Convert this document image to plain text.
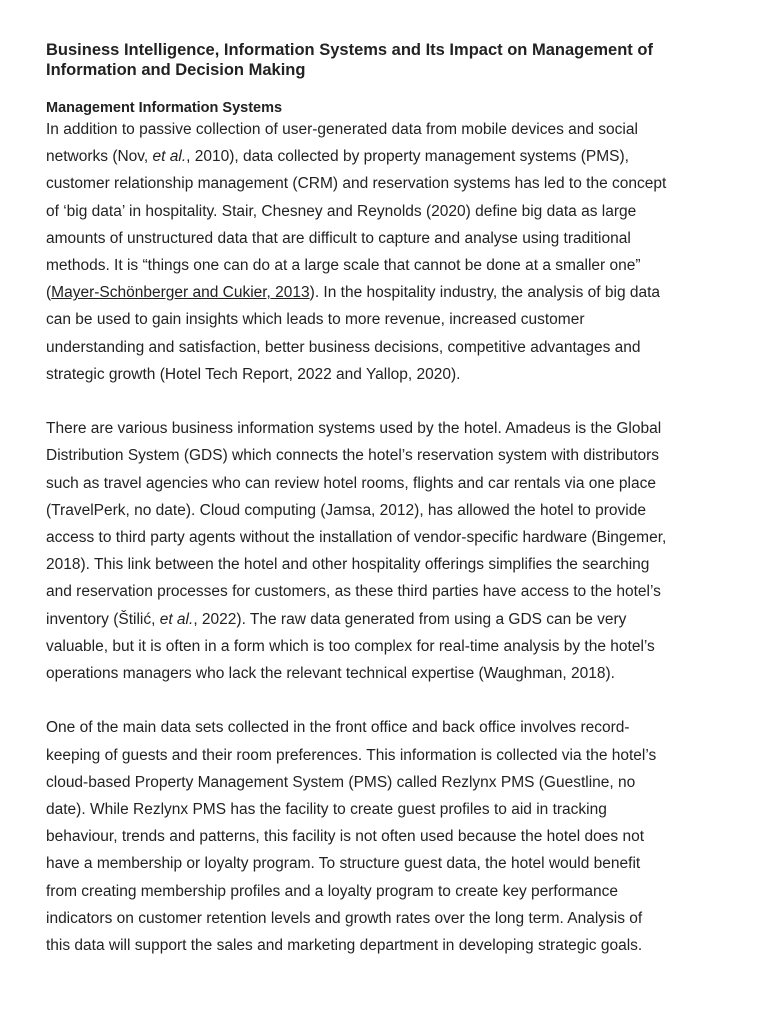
Business Intelligence, Information Systems and Its Impact on Management of
Information and Decision Making
Management Information Systems
In addition to passive collection of user-generated data from mobile devices and social
networks (Nov, et al., 2010), data collected by property management systems (PMS),
customer relationship management (CRM) and reservation systems has led to the concept
of ‘big data’ in hospitality. Stair, Chesney and Reynolds (2020) define big data as large
amounts of unstructured data that are difficult to capture and analyse using traditional
methods. It is “things one can do at a large scale that cannot be done at a smaller one”
(Mayer-Schönberger and Cukier, 2013). In the hospitality industry, the analysis of big data
can be used to gain insights which leads to more revenue, increased customer
understanding and satisfaction, better business decisions, competitive advantages and
strategic growth (Hotel Tech Report, 2022 and Yallop, 2020).
There are various business information systems used by the hotel. Amadeus is the Global
Distribution System (GDS) which connects the hotel’s reservation system with distributors
such as travel agencies who can review hotel rooms, flights and car rentals via one place
(TravelPerk, no date). Cloud computing (Jamsa, 2012), has allowed the hotel to provide
access to third party agents without the installation of vendor-specific hardware (Bingemer,
2018). This link between the hotel and other hospitality offerings simplifies the searching
and reservation processes for customers, as these third parties have access to the hotel’s
inventory (Štilić, et al., 2022). The raw data generated from using a GDS can be very
valuable, but it is often in a form which is too complex for real-time analysis by the hotel’s
operations managers who lack the relevant technical expertise (Waughman, 2018).
One of the main data sets collected in the front office and back office involves record-
keeping of guests and their room preferences. This information is collected via the hotel’s
cloud-based Property Management System (PMS) called Rezlynx PMS (Guestline, no
date). While Rezlynx PMS has the facility to create guest profiles to aid in tracking
behaviour, trends and patterns, this facility is not often used because the hotel does not
have a membership or loyalty program. To structure guest data, the hotel would benefit
from creating membership profiles and a loyalty program to create key performance
indicators on customer retention levels and growth rates over the long term. Analysis of
this data will support the sales and marketing department in developing strategic goals.
